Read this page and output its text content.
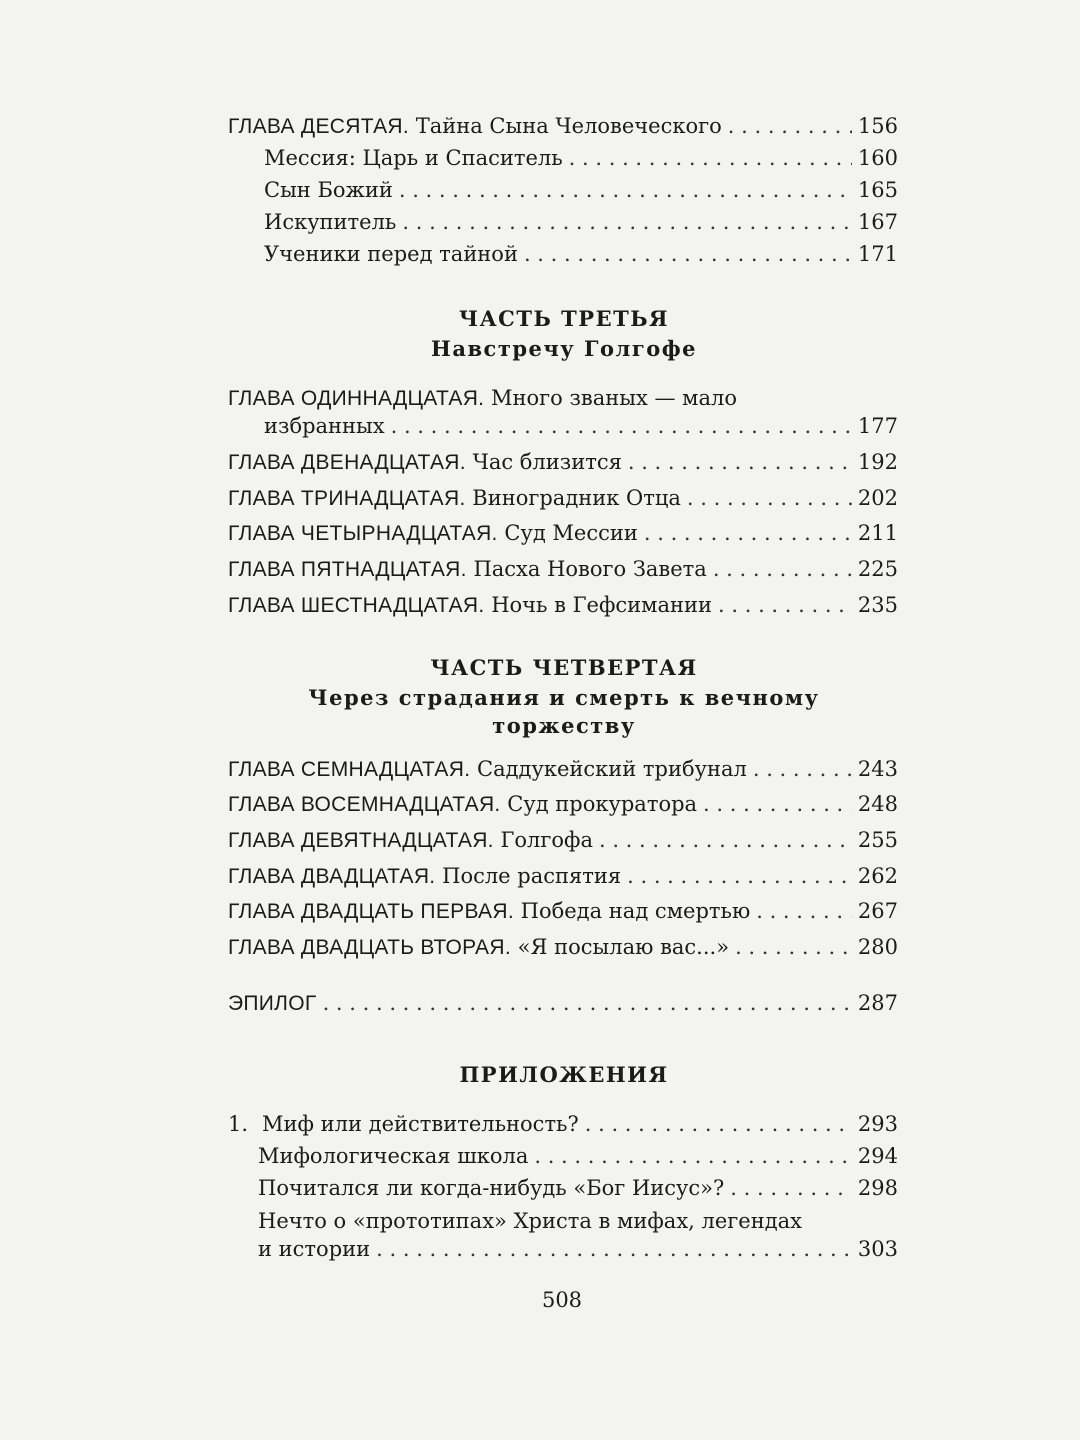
ГЛАВА ДЕСЯТАЯ. Тайна Сына Человеческого . . .	156
Мессия: Царь и Спаситель . . .	160
Сын Божий . . .	165
Искупитель . . .	167
Ученики перед тайной . . .	171
ЧАСТЬ ТРЕТЬЯ
Навстречу Голгофе
ГЛАВА ОДИННАДЦАТАЯ. Много званых — мало
избранных . . .	177
ГЛАВА ДВЕНАДЦАТАЯ. Час близится . . .	192
ГЛАВА ТРИНАДЦАТАЯ. Виноградник Отца . . .	202
ГЛАВА ЧЕТЫРНАДЦАТАЯ. Суд Мессии . . .	211
ГЛАВА ПЯТНАДЦАТАЯ. Пасха Нового Завета . . .	225
ГЛАВА ШЕСТНАДЦАТАЯ. Ночь в Гефсимании . . .	235
ЧАСТЬ ЧЕТВЕРТАЯ
Через страдания и смерть к вечному
торжеству
ГЛАВА СЕМНАДЦАТАЯ. Саддукейский трибунал . . .	243
ГЛАВА ВОСЕМНАДЦАТАЯ. Суд прокуратора . . .	248
ГЛАВА ДЕВЯТНАДЦАТАЯ. Голгофа . . .	255
ГЛАВА ДВАДЦАТАЯ. После распятия . . .	262
ГЛАВА ДВАДЦАТЬ ПЕРВАЯ. Победа над смертью . . .	267
ГЛАВА ДВАДЦАТЬ ВТОРАЯ. «Я посылаю вас...» . . .	280
ЭПИЛОГ . . .	287
ПРИЛОЖЕНИЯ
1. Миф или действительность? . . .	293
Мифологическая школа . . .	294
Почитался ли когда-нибудь «Бог Иисус»? . . .	298
Нечто о «прототипах» Христа в мифах, легендах
и истории . . .	303
508
